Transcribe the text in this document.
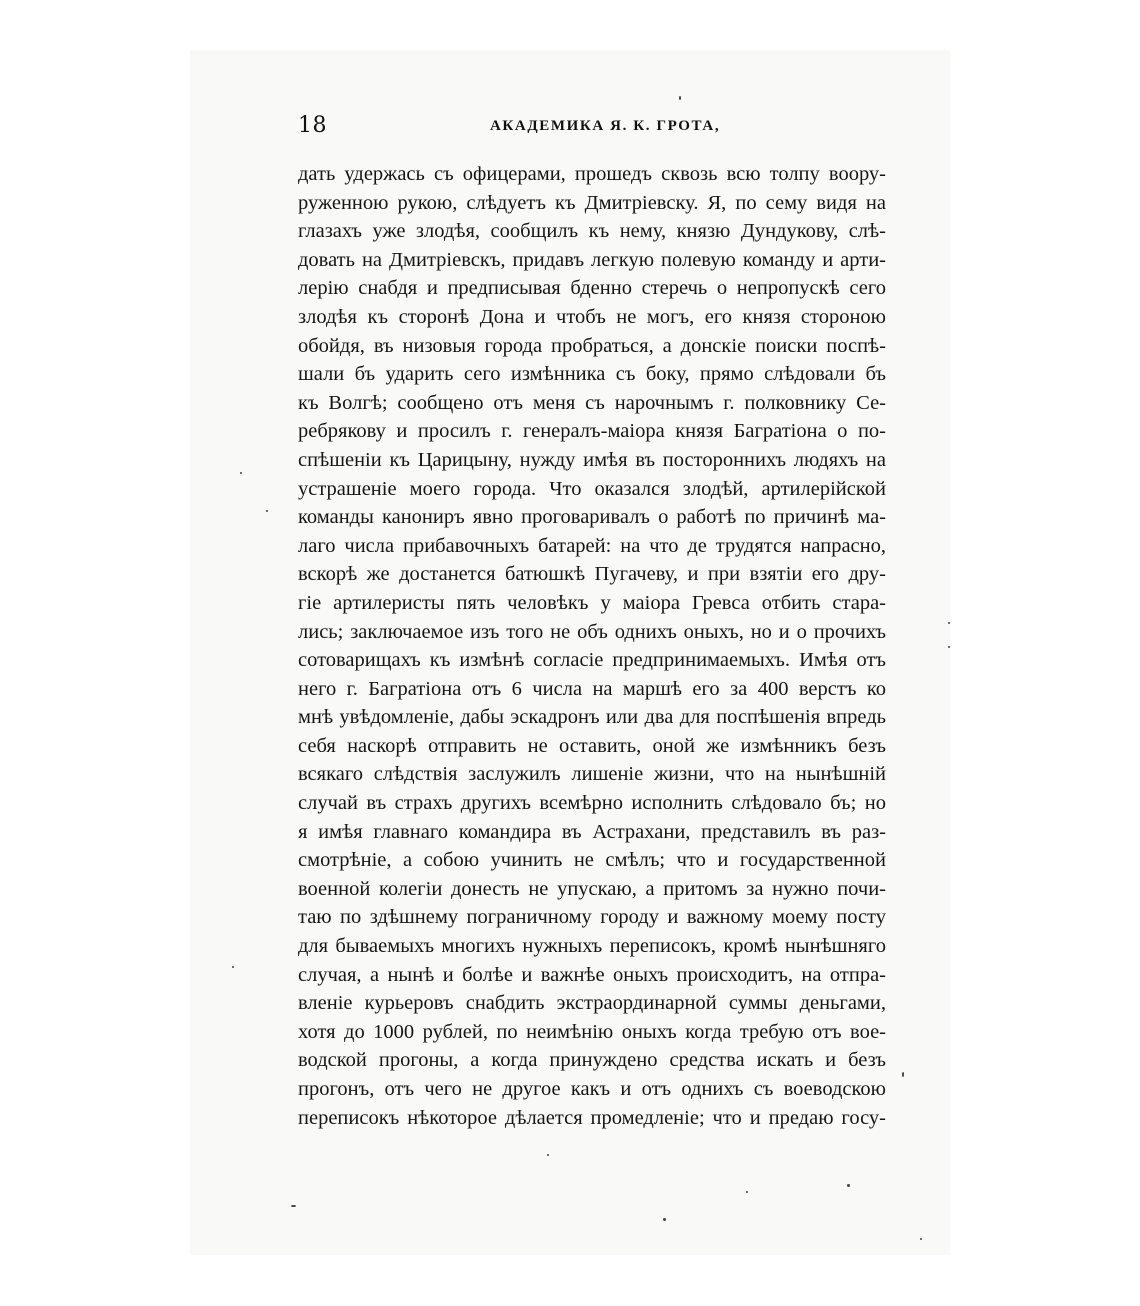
18	АКАДЕМИКА Я. К. ГРОТА,
дать удержась съ офицерами, прошедъ сквозь всю толпу воору-
руженною рукою, слѣдуетъ къ Дмитріевску. Я, по сему видя на
глазахъ уже злодѣя, сообщилъ къ нему, князю Дундукову, слѣ-
довать на Дмитріевскъ, придавъ легкую полевую команду и арти-
лерію снабдя и предписывая бденно стеречь о непропускѣ сего
злодѣя къ сторонѣ Дона и чтобъ не могъ, его князя стороною
обойдя, въ низовыя города пробраться, а донскіе поиски поспѣ-
шали бъ ударить сего измѣнника съ боку, прямо слѣдовали бъ
къ Волгѣ; сообщено отъ меня съ нарочнымъ г. полковнику Се-
ребрякову и просилъ г. генералъ-маіора князя Багратіона о по-
спѣшеніи къ Царицыну, нужду имѣя въ постороннихъ людяхъ на
устрашеніе моего города. Что оказался злодѣй, артилерійской
команды канониръ явно проговаривалъ о работѣ по причинѣ ма-
лаго числа прибавочныхъ батарей: на что де трудятся напрасно,
вскорѣ же достанется батюшкѣ Пугачеву, и при взятіи его дру-
гіе артилеристы пять человѣкъ у маіора Гревса отбить стара-
лись; заключаемое изъ того не объ однихъ оныхъ, но и о прочихъ
сотоварищахъ къ измѣнѣ согласіе предпринимаемыхъ. Имѣя отъ
него г. Багратіона отъ 6 числа на маршѣ его за 400 верстъ ко
мнѣ увѣдомленіе, дабы эскадронъ или два для поспѣшенія впредь
себя наскорѣ отправить не оставить, оной же измѣнникъ безъ
всякаго слѣдствія заслужилъ лишеніе жизни, что на нынѣшній
случай въ страхъ другихъ всемѣрно исполнить слѣдовало бъ; но
я имѣя главнаго командира въ Астрахани, представилъ въ раз-
смотрѣніе, а собою учинить не смѣлъ; что и государственной
военной колегіи донесть не упускаю, а притомъ за нужно почи-
таю по здѣшнему пограничному городу и важному моему посту
для бываемыхъ многихъ нужныхъ переписокъ, кромѣ нынѣшняго
случая, а нынѣ и болѣе и важнѣе оныхъ происходитъ, на отпра-
вленіе курьеровъ снабдить экстраординарной суммы деньгами,
хотя до 1000 рублей, по неимѣнію оныхъ когда требую отъ вое-
водской прогоны, а когда принуждено средства искать и безъ
прогонъ, отъ чего не другое какъ и отъ однихъ съ воеводскою
переписокъ нѣкоторое дѣлается промедленіе; что и предаю госу-
